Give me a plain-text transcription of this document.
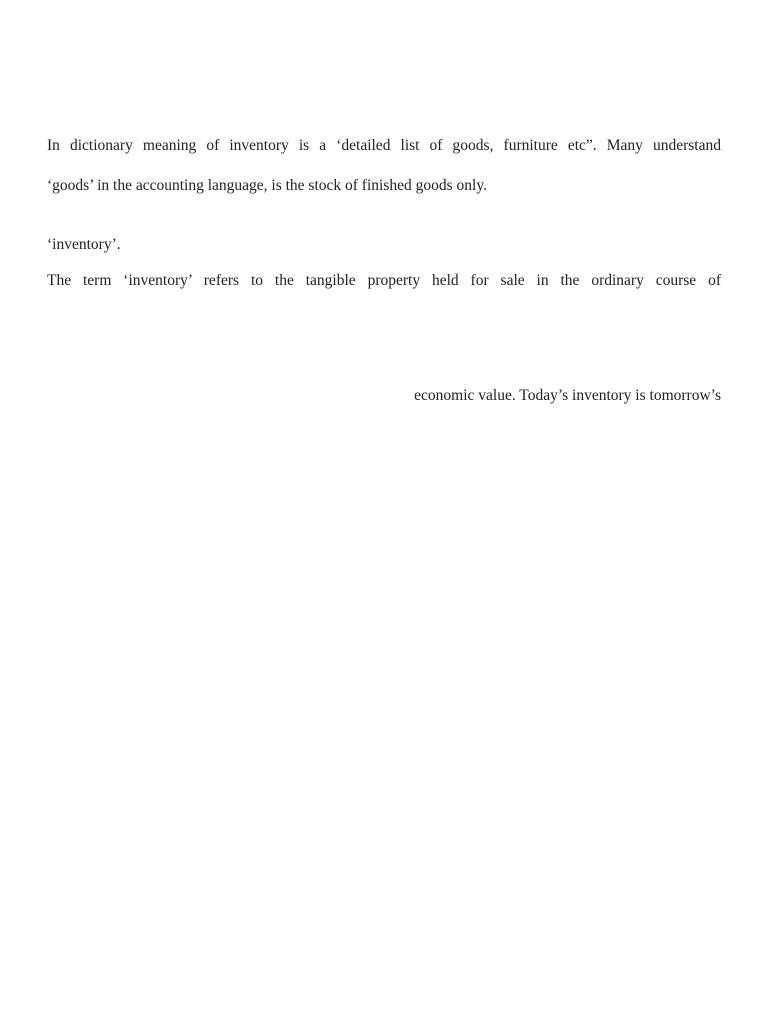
In dictionary meaning of inventory is a ‘detailed list of goods, furniture etc”. Many understand
‘goods’ in the accounting language, is the stock of finished goods only.
‘inventory’.
The term ‘inventory’ refers to the tangible property held for sale in the ordinary course of
economic value. Today’s inventory is tomorrow’s
